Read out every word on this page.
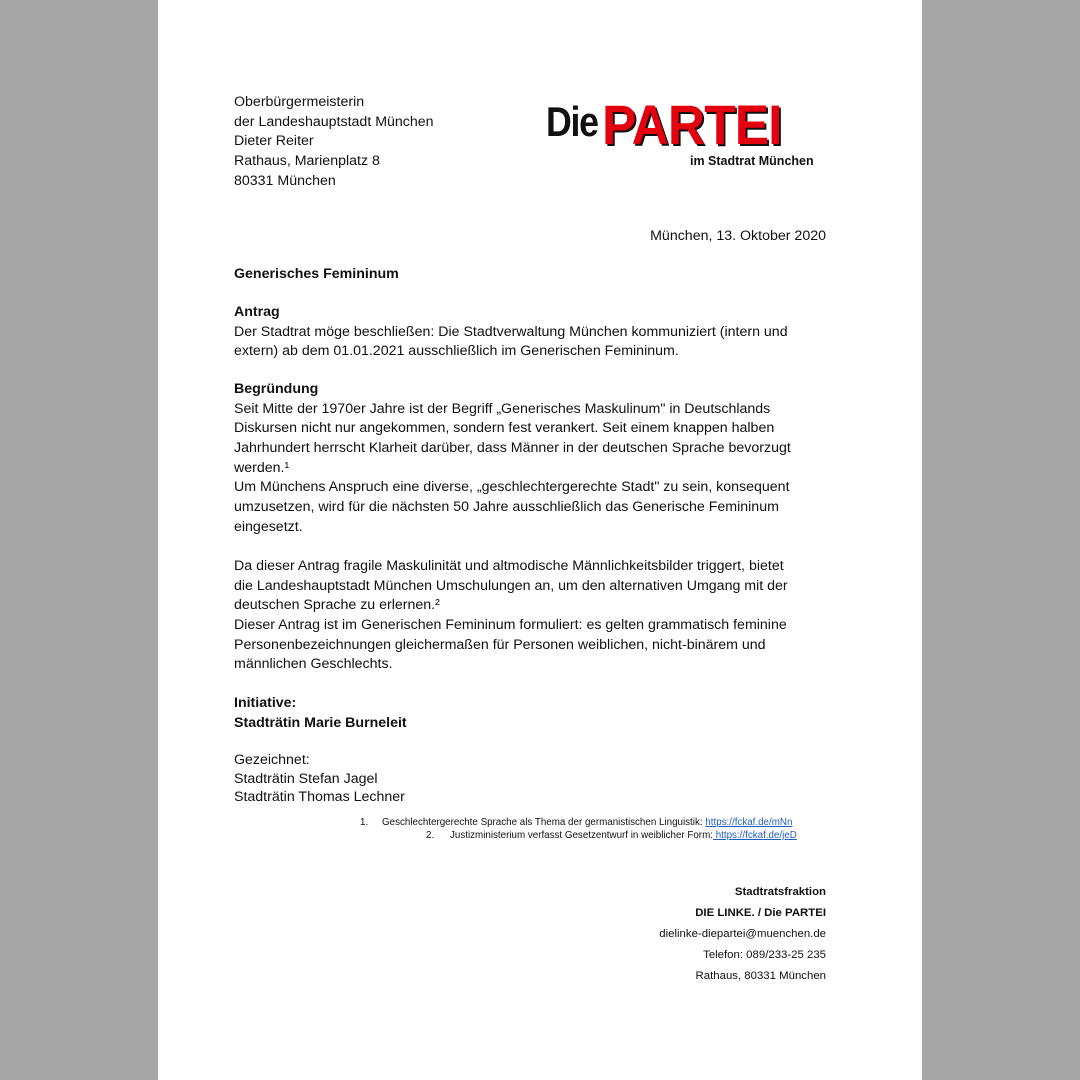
Oberbürgermeisterin
der Landeshauptstadt München
Dieter Reiter
Rathaus, Marienplatz 8
80331 München
Die PARTEI
im Stadtrat München
München, 13. Oktober 2020
Generisches Femininum
Antrag
Der Stadtrat möge beschließen: Die Stadtverwaltung München kommuniziert (intern und
extern) ab dem 01.01.2021 ausschließlich im Generischen Femininum.
Begründung
Seit Mitte der 1970er Jahre ist der Begriff „Generisches Maskulinum" in Deutschlands
Diskursen nicht nur angekommen, sondern fest verankert. Seit einem knappen halben
Jahrhundert herrscht Klarheit darüber, dass Männer in der deutschen Sprache bevorzugt
werden.¹
Um Münchens Anspruch eine diverse, „geschlechtergerechte Stadt" zu sein, konsequent
umzusetzen, wird für die nächsten 50 Jahre ausschließlich das Generische Femininum
eingesetzt.
Da dieser Antrag fragile Maskulinität und altmodische Männlichkeitsbilder triggert, bietet
die Landeshauptstadt München Umschulungen an, um den alternativen Umgang mit der
deutschen Sprache zu erlernen.²
Dieser Antrag ist im Generischen Femininum formuliert: es gelten grammatisch feminine
Personenbezeichnungen gleichermaßen für Personen weiblichen, nicht-binärem und
männlichen Geschlechts.
Initiative:
Stadträtin Marie Burneleit
Gezeichnet:
Stadträtin Stefan Jagel
Stadträtin Thomas Lechner
1. Geschlechtergerechte Sprache als Thema der germanistischen Linguistik: https://fckaf.de/mNn
2. Justizministerium verfasst Gesetzentwurf in weiblicher Form: https://fckaf.de/jeD
Stadtratsfraktion
DIE LINKE. / Die PARTEI
dielinke-diepartei@muenchen.de
Telefon: 089/233-25 235
Rathaus, 80331 München
